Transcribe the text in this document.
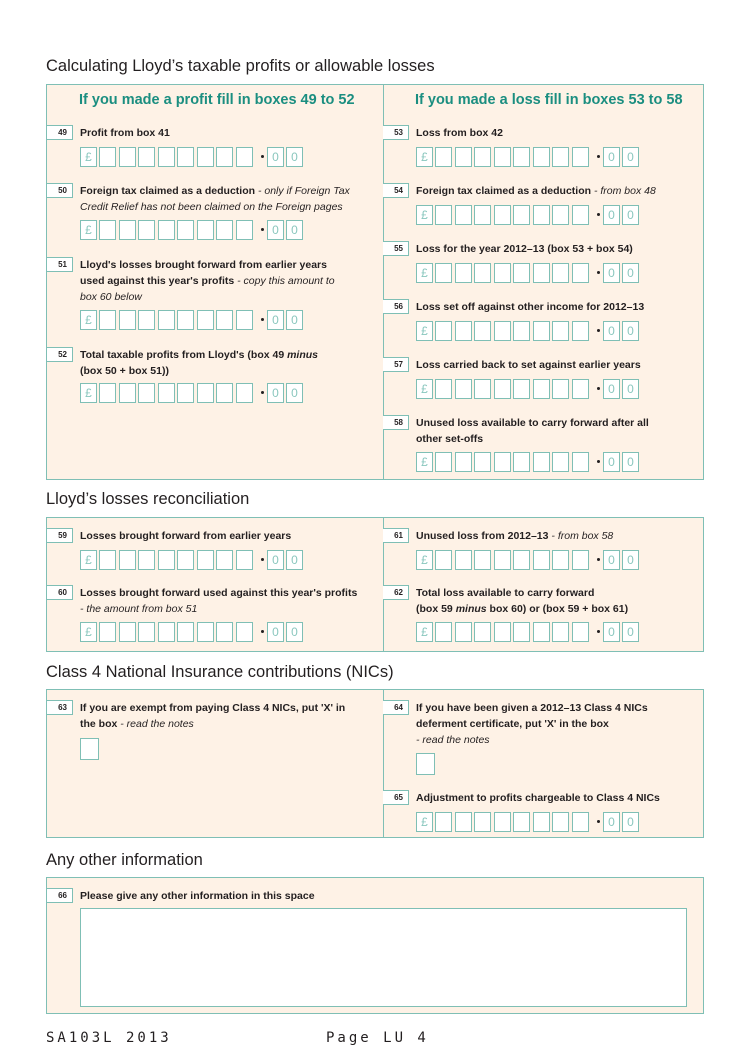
Calculating Lloyd’s taxable profits or allowable losses
If you made a profit fill in boxes 49 to 52	If you made a loss fill in boxes 53 to 58
49	Profit from box 41
£	0	0
50	Foreign tax claimed as a deduction - only if Foreign Tax
Credit Relief has not been claimed on the Foreign pages
£	0	0
51	Lloyd's losses brought forward from earlier years
used against this year's profits - copy this amount to
box 60 below
£	0	0
52	Total taxable profits from Lloyd's (box 49 minus
(box 50 + box 51))
£	0	0
53	Loss from box 42
£	0	0
54	Foreign tax claimed as a deduction - from box 48
£	0	0
55	Loss for the year 2012–13 (box 53 + box 54)
£	0	0
56	Loss set off against other income for 2012–13
£	0	0
57	Loss carried back to set against earlier years
£	0	0
58	Unused loss available to carry forward after all
other set-offs
£	0	0
Lloyd’s losses reconciliation
59	Losses brought forward from earlier years
£	0	0
60	Losses brought forward used against this year's profits
- the amount from box 51
£	0	0
61	Unused loss from 2012–13 - from box 58
£	0	0
62	Total loss available to carry forward
(box 59 minus box 60) or (box 59 + box 61)
£	0	0
Class 4 National Insurance contributions (NICs)
63	If you are exempt from paying Class 4 NICs, put 'X' in
the box - read the notes
64	If you have been given a 2012–13 Class 4 NICs
deferment certificate, put 'X' in the box
- read the notes
65	Adjustment to profits chargeable to Class 4 NICs
£	0	0
Any other information
66	Please give any other information in this space
SA103L 2013	Page LU 4
